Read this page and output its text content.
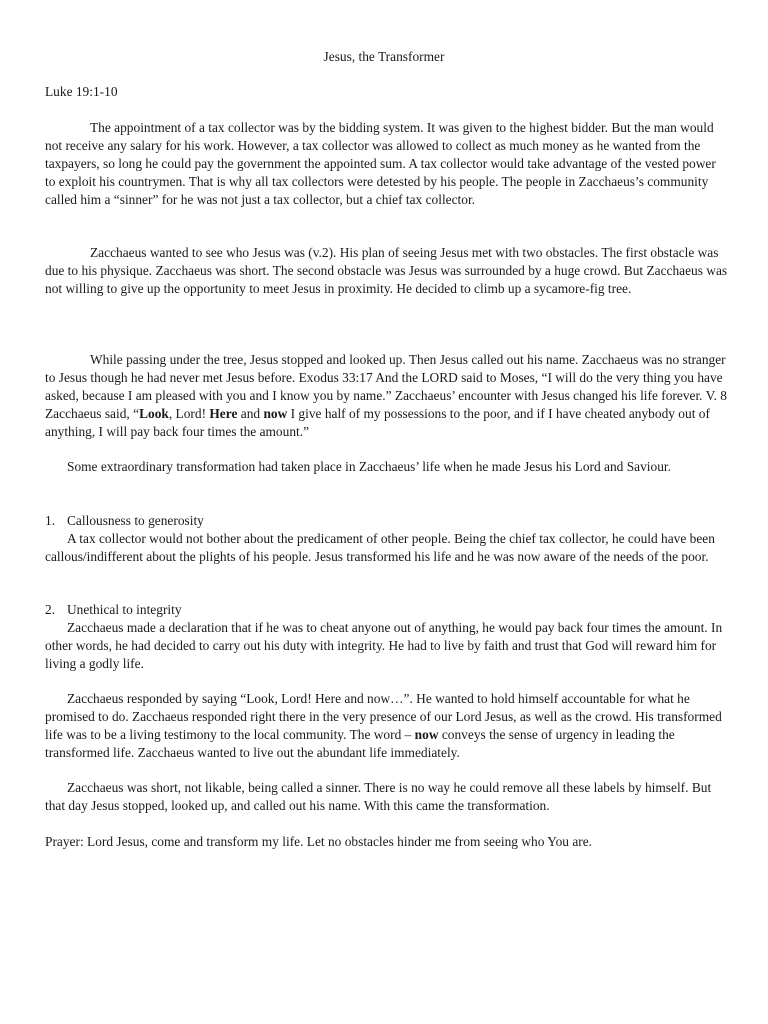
Jesus, the Transformer

Luke 19:1-10

The appointment of a tax collector was by the bidding system. It was given to the highest bidder. But the man would not receive any salary for his work. However, a tax collector was allowed to collect as much money as he wanted from the taxpayers, so long he could pay the government the appointed sum. A tax collector would take advantage of the vested power to exploit his countrymen. That is why all tax collectors were detested by his people. The people in Zacchaeus’s community called him a “sinner” for he was not just a tax collector, but a chief tax collector.

Zacchaeus wanted to see who Jesus was (v.2). His plan of seeing Jesus met with two obstacles. The first obstacle was due to his physique. Zacchaeus was short. The second obstacle was Jesus was surrounded by a huge crowd. But Zacchaeus was not willing to give up the opportunity to meet Jesus in proximity. He decided to climb up a sycamore-fig tree.

While passing under the tree, Jesus stopped and looked up. Then Jesus called out his name. Zacchaeus was no stranger to Jesus though he had never met Jesus before. Exodus 33:17 And the LORD said to Moses, “I will do the very thing you have asked, because I am pleased with you and I know you by name.” Zacchaeus’ encounter with Jesus changed his life forever. V. 8 Zacchaeus said, “Look, Lord! Here and now I give half of my possessions to the poor, and if I have cheated anybody out of anything, I will pay back four times the amount.”

Some extraordinary transformation had taken place in Zacchaeus’ life when he made Jesus his Lord and Saviour.

1. Callousness to generosity

A tax collector would not bother about the predicament of other people. Being the chief tax collector, he could have been callous/indifferent about the plights of his people. Jesus transformed his life and he was now aware of the needs of the poor.

2. Unethical to integrity

Zacchaeus made a declaration that if he was to cheat anyone out of anything, he would pay back four times the amount. In other words, he had decided to carry out his duty with integrity. He had to live by faith and trust that God will reward him for living a godly life.

Zacchaeus responded by saying “Look, Lord! Here and now…”. He wanted to hold himself accountable for what he promised to do. Zacchaeus responded right there in the very presence of our Lord Jesus, as well as the crowd. His transformed life was to be a living testimony to the local community. The word – now conveys the sense of urgency in leading the transformed life. Zacchaeus wanted to live out the abundant life immediately.

Zacchaeus was short, not likable, being called a sinner. There is no way he could remove all these labels by himself. But that day Jesus stopped, looked up, and called out his name. With this came the transformation.

Prayer: Lord Jesus, come and transform my life. Let no obstacles hinder me from seeing who You are.
